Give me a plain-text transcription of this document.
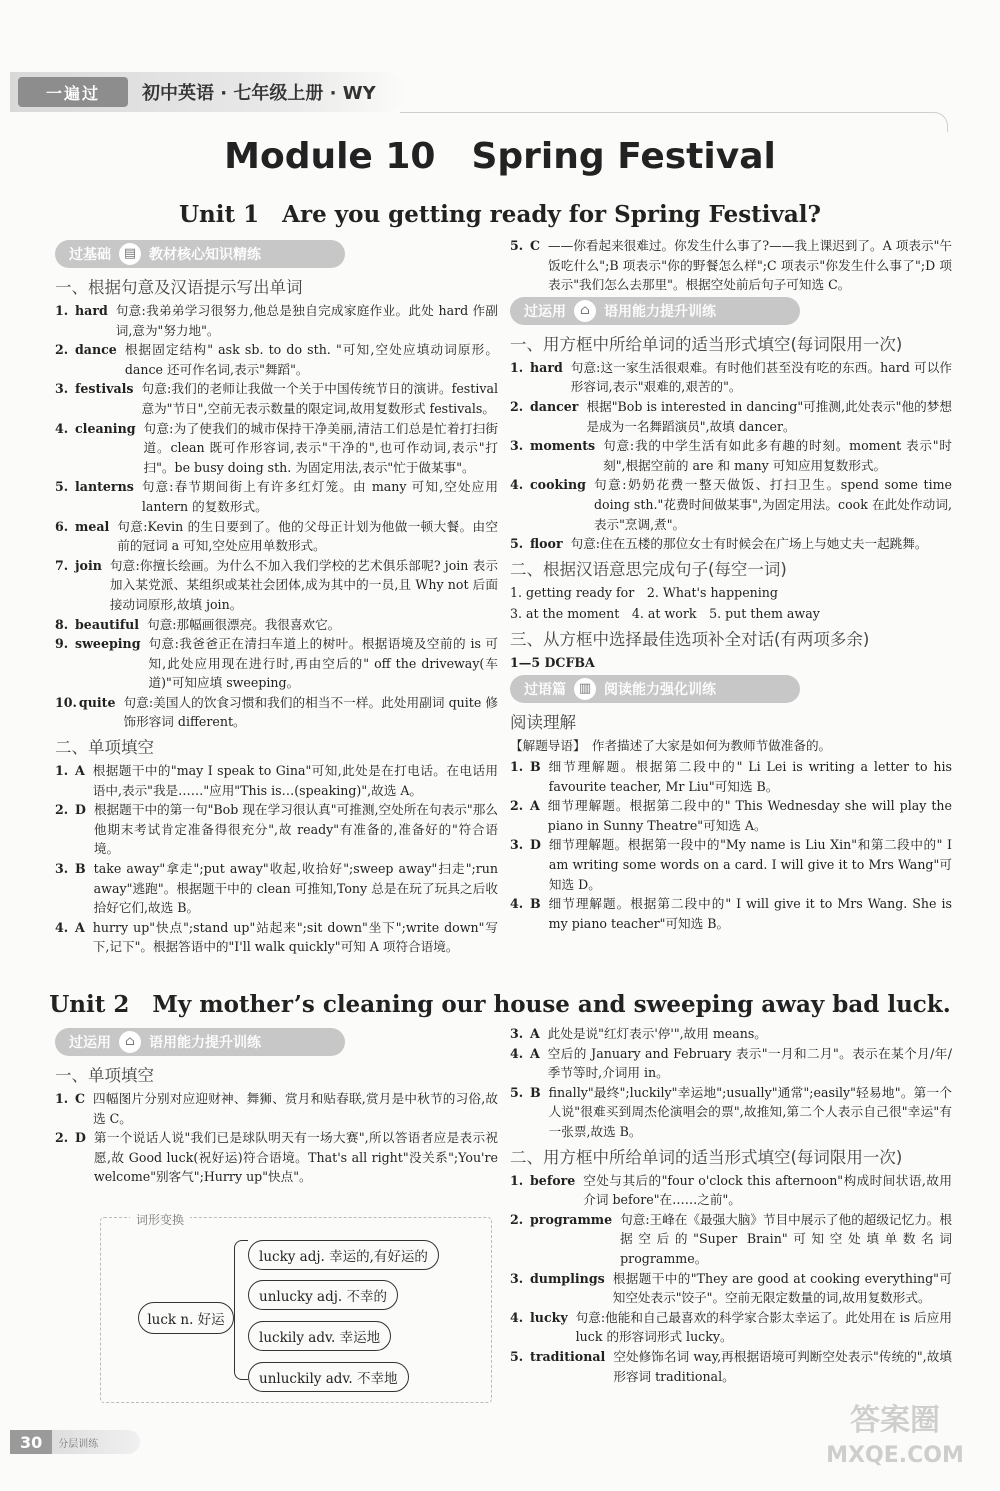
一遍过	初中英语 · 七年级上册 · WY
Module 10　Spring Festival
Unit 1　Are you getting ready for Spring Festival?
过基础 ▤ 教材核心知识精练
一、根据句意及汉语提示写出单词
1. hard 句意:我弟弟学习很努力,他总是独自完成家庭作业。此处 hard 作副词,意为"努力地"。
2. dance 根据固定结构" ask sb. to do sth. "可知,空处应填动词原形。dance 还可作名词,表示"舞蹈"。
3. festivals 句意:我们的老师让我做一个关于中国传统节日的演讲。festival 意为"节日",空前无表示数量的限定词,故用复数形式 festivals。
4. cleaning 句意:为了使我们的城市保持干净美丽,清洁工们总是忙着打扫街道。clean 既可作形容词,表示"干净的",也可作动词,表示"打扫"。be busy doing sth. 为固定用法,表示"忙于做某事"。
5. lanterns 句意:春节期间街上有许多红灯笼。由 many 可知,空处应用 lantern 的复数形式。
6. meal 句意:Kevin 的生日要到了。他的父母正计划为他做一顿大餐。由空前的冠词 a 可知,空处应用单数形式。
7. join 句意:你擅长绘画。为什么不加入我们学校的艺术俱乐部呢? join 表示加入某党派、某组织或某社会团体,成为其中的一员,且 Why not 后面接动词原形,故填 join。
8. beautiful 句意:那幅画很漂亮。我很喜欢它。
9. sweeping 句意:我爸爸正在清扫车道上的树叶。根据语境及空前的 is 可知,此处应用现在进行时,再由空后的" off the driveway(车道)"可知应填 sweeping。
10. quite 句意:美国人的饮食习惯和我们的相当不一样。此处用副词 quite 修饰形容词 different。
二、单项填空
1. A 根据题干中的"may I speak to Gina"可知,此处是在打电话。在电话用语中,表示"我是……"应用"This is…(speaking)",故选 A。
2. D 根据题干中的第一句"Bob 现在学习很认真"可推测,空处所在句表示"那么他期末考试肯定准备得很充分",故 ready"有准备的,准备好的"符合语境。
3. B take away"拿走";put away"收起,收拾好";sweep away"扫走";run away"逃跑"。根据题干中的 clean 可推知,Tony 总是在玩了玩具之后收拾好它们,故选 B。
4. A hurry up"快点";stand up"站起来";sit down"坐下";write down"写下,记下"。根据答语中的"I'll walk quickly"可知 A 项符合语境。
5. C ——你看起来很难过。你发生什么事了?——我上课迟到了。A 项表示"午饭吃什么";B 项表示"你的野餐怎么样";C 项表示"你发生什么事了";D 项表示"我们怎么去那里"。根据空处前后句子可知选 C。
过运用	⌂	语用能力提升训练
一、用方框中所给单词的适当形式填空(每词限用一次)
1. hard 句意:这一家生活很艰难。有时他们甚至没有吃的东西。hard 可以作形容词,表示"艰难的,艰苦的"。
2. dancer 根据"Bob is interested in dancing"可推测,此处表示"他的梦想是成为一名舞蹈演员",故填 dancer。
3. moments 句意:我的中学生活有如此多有趣的时刻。moment 表示"时刻",根据空前的 are 和 many 可知应用复数形式。
4. cooking 句意:奶奶花费一整天做饭、打扫卫生。spend some time doing sth."花费时间做某事",为固定用法。cook 在此处作动词,表示"烹调,煮"。
5. floor 句意:住在五楼的那位女士有时候会在广场上与她丈夫一起跳舞。
二、根据汉语意思完成句子(每空一词)
1. getting ready for　2. What's happening
3. at the moment　4. at work　5. put them away
三、从方框中选择最佳选项补全对话(有两项多余)
1—5 DCFBA
过语篇 ▥ 阅读能力强化训练
阅读理解
【解题导语】　作者描述了大家是如何为教师节做准备的。
1. B 细节理解题。根据第二段中的" Li Lei is writing a letter to his favourite teacher, Mr Liu"可知选 B。
2. A 细节理解题。根据第二段中的" This Wednesday she will play the piano in Sunny Theatre"可知选 A。
3. D 细节理解题。根据第一段中的"My name is Liu Xin"和第二段中的" I am writing some words on a card. I will give it to Mrs Wang"可知选 D。
4. B 细节理解题。根据第二段中的" I will give it to Mrs Wang. She is my piano teacher"可知选 B。
Unit 2　My mother’s cleaning our house and sweeping away bad luck.
过运用	⌂	语用能力提升训练
一、单项填空
1. C 四幅图片分别对应迎财神、舞狮、赏月和贴春联,赏月是中秋节的习俗,故选 C。
2. D 第一个说话人说"我们已是球队明天有一场大赛",所以答语者应是表示祝愿,故 Good luck(祝好运)符合语境。That's all right"没关系";You're welcome"别客气";Hurry up"快点"。
词形变换
luck n. 好运
lucky adj. 幸运的,有好运的
unlucky adj. 不幸的
luckily adv. 幸运地
unluckily adv. 不幸地
3. A 此处是说"红灯表示'停'",故用 means。
4. A 空后的 January and February 表示"一月和二月"。表示在某个月/年/季节等时,介词用 in。
5. B finally"最终";luckily"幸运地";usually"通常";easily"轻易地"。第一个人说"很难买到周杰伦演唱会的票",故推知,第二个人表示自己很"幸运"有一张票,故选 B。
二、用方框中所给单词的适当形式填空(每词限用一次)
1. before 空处与其后的"four o'clock this afternoon"构成时间状语,故用介词 before"在……之前"。
2. programme 句意:王峰在《最强大脑》节目中展示了他的超级记忆力。根据空后的"Super Brain"可知空处填单数名词 programme。
3. dumplings 根据题干中的"They are good at cooking everything"可知空处表示"饺子"。空前无限定数量的词,故用复数形式。
4. lucky 句意:他能和自己最喜欢的科学家合影太幸运了。此处用在 is 后应用 luck 的形容词形式 lucky。
5. traditional 空处修饰名词 way,再根据语境可判断空处表示"传统的",故填形容词 traditional。
30	分层训练
答案圈
MXQE.COM
